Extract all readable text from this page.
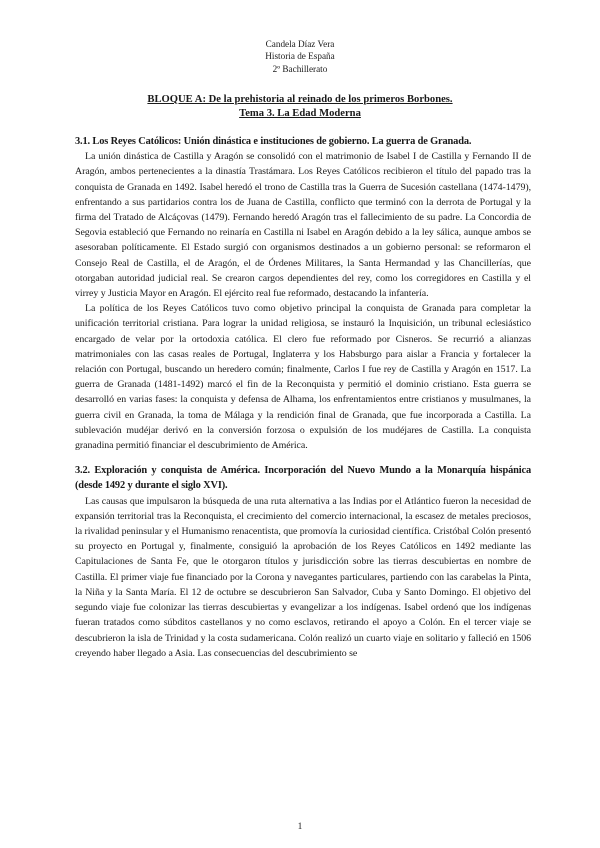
Candela Díaz Vera
Historia de España
2º Bachillerato
BLOQUE A: De la prehistoria al reinado de los primeros Borbones.
Tema 3. La Edad Moderna
3.1. Los Reyes Católicos: Unión dinástica e instituciones de gobierno. La guerra de Granada.

La unión dinástica de Castilla y Aragón se consolidó con el matrimonio de Isabel I de Castilla y Fernando II de Aragón, ambos pertenecientes a la dinastía Trastámara. Los Reyes Católicos recibieron el título del papado tras la conquista de Granada en 1492. Isabel heredó el trono de Castilla tras la Guerra de Sucesión castellana (1474-1479), enfrentando a sus partidarios contra los de Juana de Castilla, conflicto que terminó con la derrota de Portugal y la firma del Tratado de Alcáçovas (1479). Fernando heredó Aragón tras el fallecimiento de su padre. La Concordia de Segovia estableció que Fernando no reinaría en Castilla ni Isabel en Aragón debido a la ley sálica, aunque ambos se asesoraban políticamente. El Estado surgió con organismos destinados a un gobierno personal: se reformaron el Consejo Real de Castilla, el de Aragón, el de Órdenes Militares, la Santa Hermandad y las Chancillerías, que otorgaban autoridad judicial real. Se crearon cargos dependientes del rey, como los corregidores en Castilla y el virrey y Justicia Mayor en Aragón. El ejército real fue reformado, destacando la infantería.

La política de los Reyes Católicos tuvo como objetivo principal la conquista de Granada para completar la unificación territorial cristiana. Para lograr la unidad religiosa, se instauró la Inquisición, un tribunal eclesiástico encargado de velar por la ortodoxia católica. El clero fue reformado por Cisneros. Se recurrió a alianzas matrimoniales con las casas reales de Portugal, Inglaterra y los Habsburgo para aislar a Francia y fortalecer la relación con Portugal, buscando un heredero común; finalmente, Carlos I fue rey de Castilla y Aragón en 1517. La guerra de Granada (1481-1492) marcó el fin de la Reconquista y permitió el dominio cristiano. Esta guerra se desarrolló en varias fases: la conquista y defensa de Alhama, los enfrentamientos entre cristianos y musulmanes, la guerra civil en Granada, la toma de Málaga y la rendición final de Granada, que fue incorporada a Castilla. La sublevación mudéjar derivó en la conversión forzosa o expulsión de los mudéjares de Castilla. La conquista granadina permitió financiar el descubrimiento de América.

3.2. Exploración y conquista de América. Incorporación del Nuevo Mundo a la Monarquía hispánica (desde 1492 y durante el siglo XVI).

Las causas que impulsaron la búsqueda de una ruta alternativa a las Indias por el Atlántico fueron la necesidad de expansión territorial tras la Reconquista, el crecimiento del comercio internacional, la escasez de metales preciosos, la rivalidad peninsular y el Humanismo renacentista, que promovía la curiosidad científica. Cristóbal Colón presentó su proyecto en Portugal y, finalmente, consiguió la aprobación de los Reyes Católicos en 1492 mediante las Capitulaciones de Santa Fe, que le otorgaron títulos y jurisdicción sobre las tierras descubiertas en nombre de Castilla. El primer viaje fue financiado por la Corona y navegantes particulares, partiendo con las carabelas la Pinta, la Niña y la Santa María. El 12 de octubre se descubrieron San Salvador, Cuba y Santo Domingo. El objetivo del segundo viaje fue colonizar las tierras descubiertas y evangelizar a los indígenas. Isabel ordenó que los indígenas fueran tratados como súbditos castellanos y no como esclavos, retirando el apoyo a Colón. En el tercer viaje se descubrieron la isla de Trinidad y la costa sudamericana. Colón realizó un cuarto viaje en solitario y falleció en 1506 creyendo haber llegado a Asia. Las consecuencias del descubrimiento se

1
